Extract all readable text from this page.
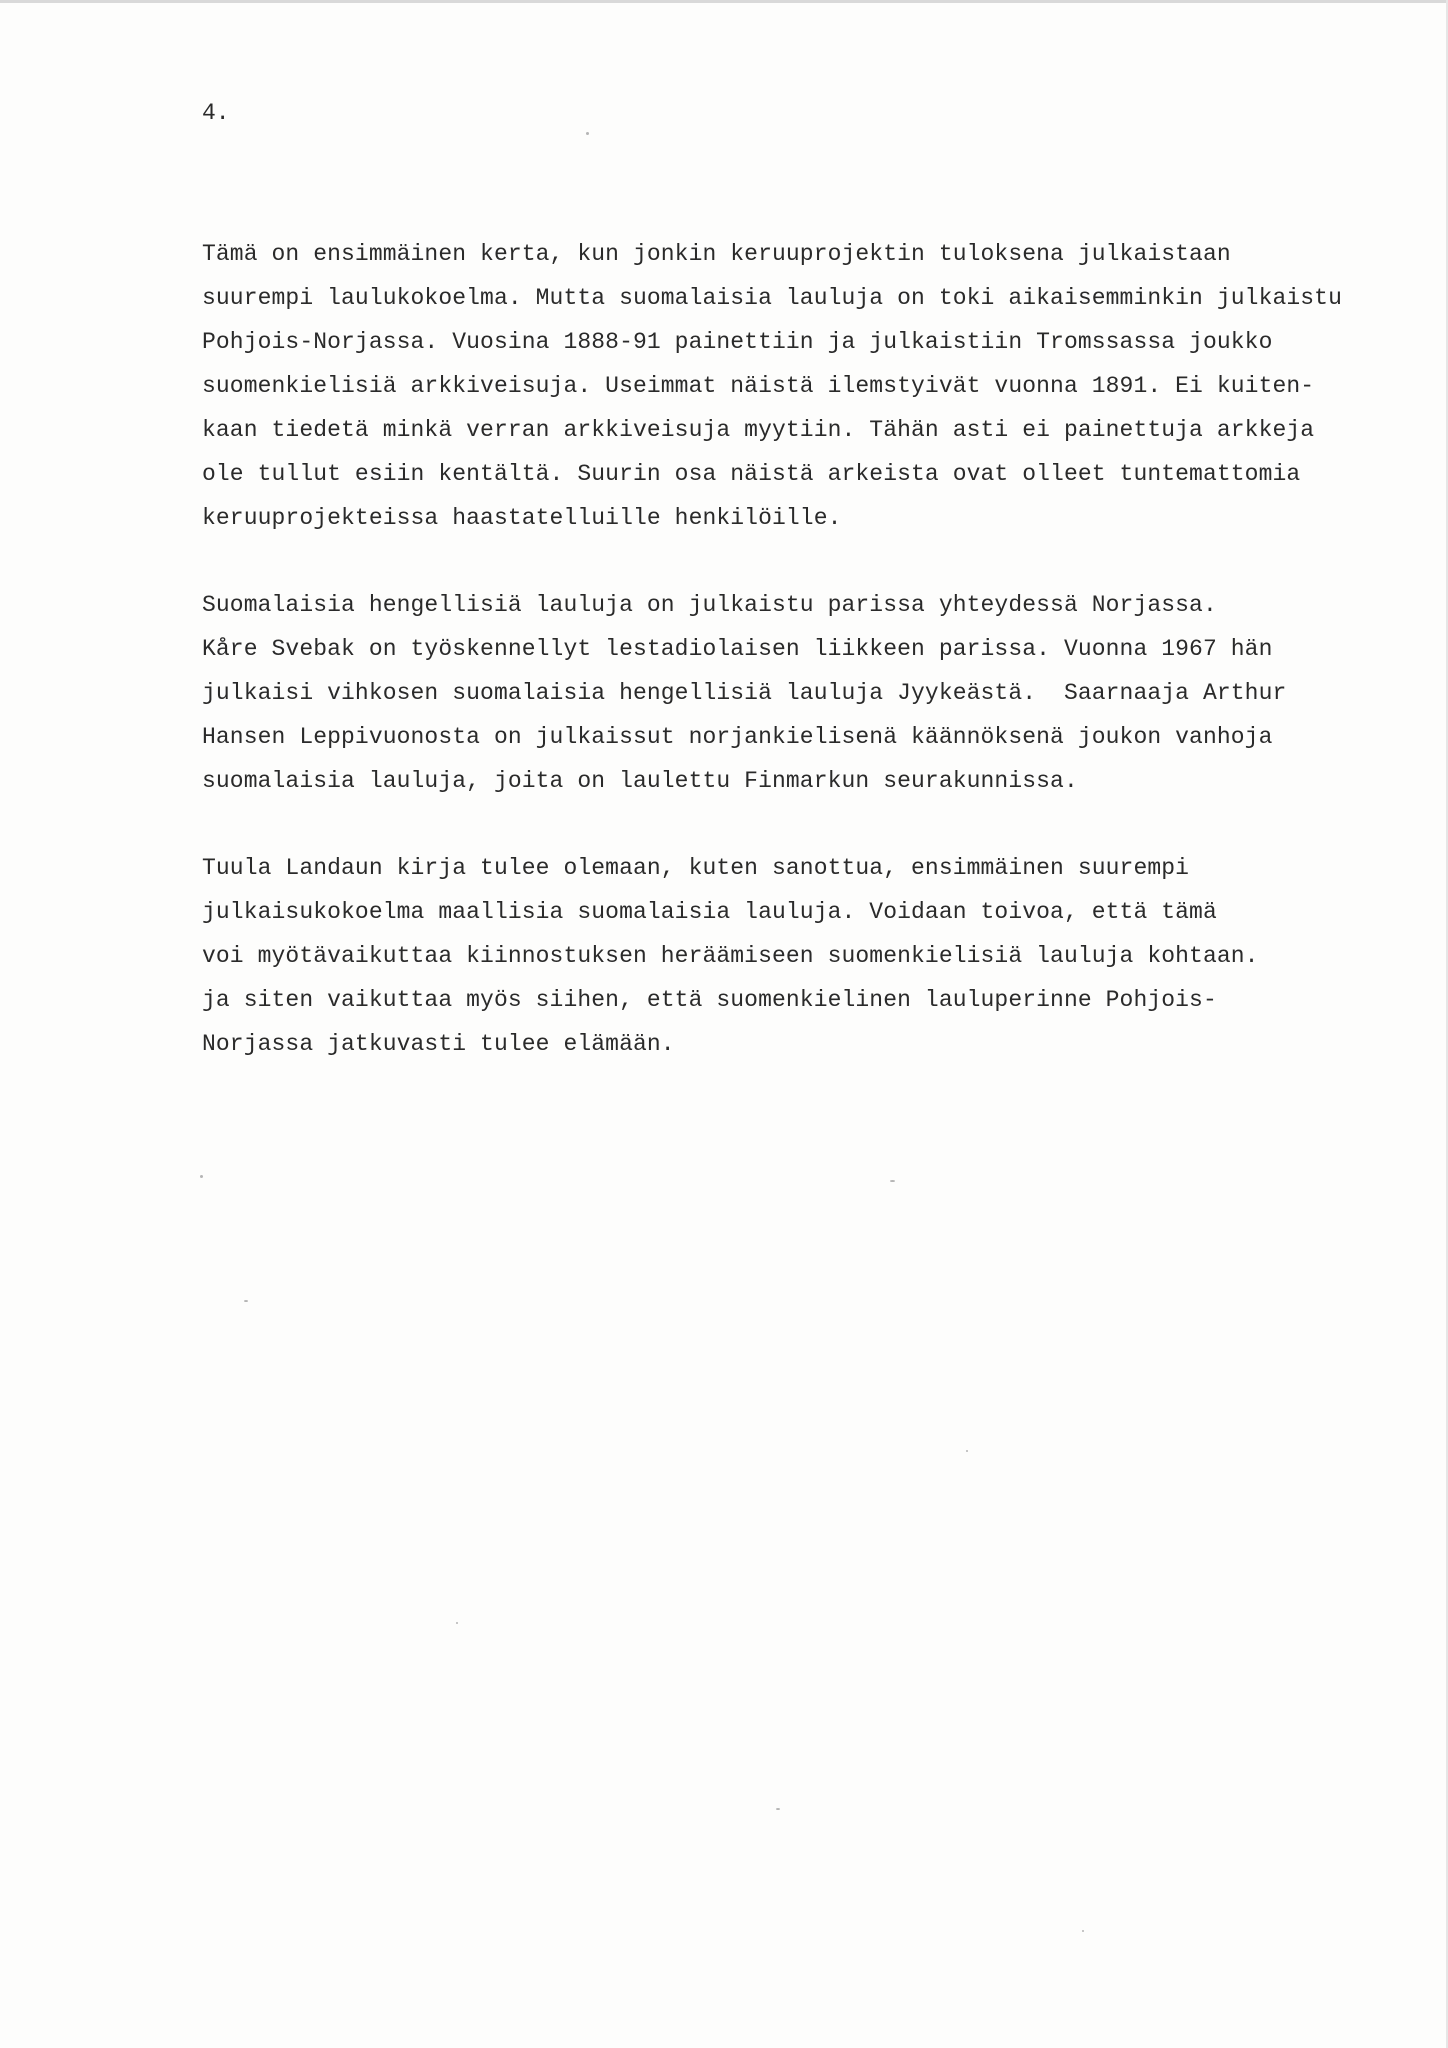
4.
Tämä on ensimmäinen kerta, kun jonkin keruuprojektin tuloksena julkaistaan
suurempi laulukokoelma. Mutta suomalaisia lauluja on toki aikaisemminkin julkaistu
Pohjois-Norjassa. Vuosina 1888-91 painettiin ja julkaistiin Tromssassa joukko
suomenkielisiä arkkiveisuja. Useimmat näistä ilemstyivät vuonna 1891. Ei kuiten-
kaan tiedetä minkä verran arkkiveisuja myytiin. Tähän asti ei painettuja arkkeja
ole tullut esiin kentältä. Suurin osa näistä arkeista ovat olleet tuntemattomia
keruuprojekteissa haastatelluille henkilöille.
Suomalaisia hengellisiä lauluja on julkaistu parissa yhteydessä Norjassa.
Kåre Svebak on työskennellyt lestadiolaisen liikkeen parissa. Vuonna 1967 hän
julkaisi vihkosen suomalaisia hengellisiä lauluja Jyykeästä.  Saarnaaja Arthur
Hansen Leppivuonosta on julkaissut norjankielisenä käännöksenä joukon vanhoja
suomalaisia lauluja, joita on laulettu Finmarkun seurakunnissa.
Tuula Landaun kirja tulee olemaan, kuten sanottua, ensimmäinen suurempi
julkaisukokoelma maallisia suomalaisia lauluja. Voidaan toivoa, että tämä
voi myötävaikuttaa kiinnostuksen heräämiseen suomenkielisiä lauluja kohtaan.
ja siten vaikuttaa myös siihen, että suomenkielinen lauluperinne Pohjois-
Norjassa jatkuvasti tulee elämään.
